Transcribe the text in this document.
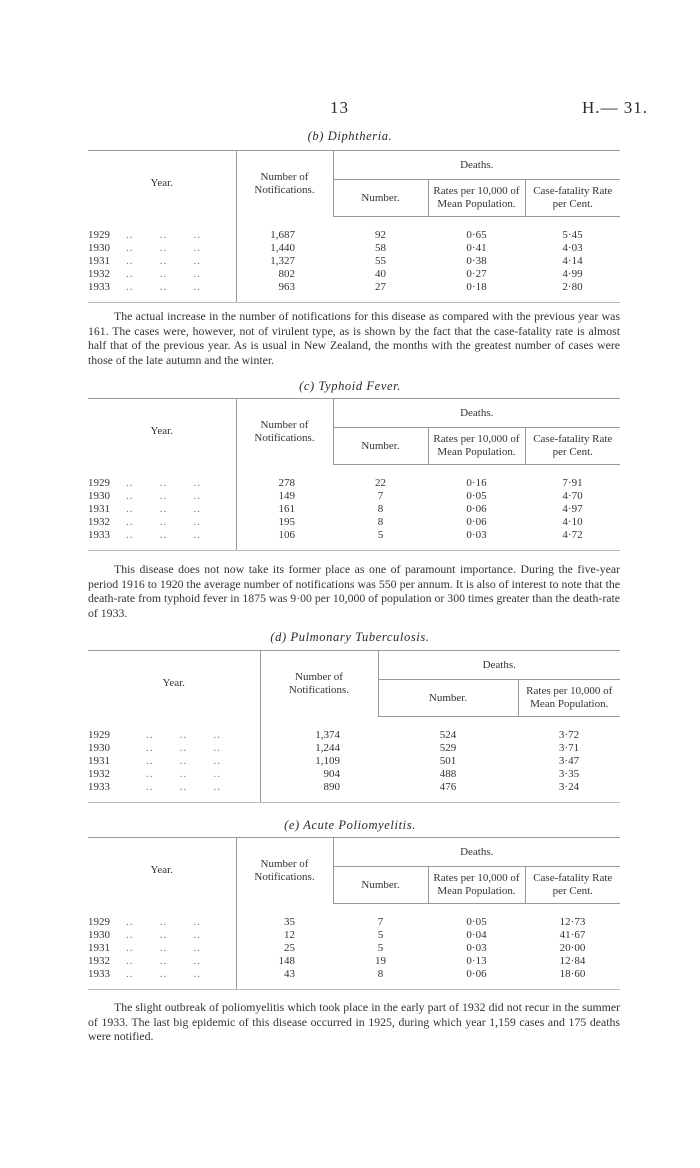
13	H.— 31.
(b) Diphtheria.
Year.	Number of Notifications.	Deaths.		
		Number.	Rates per 10,000 of Mean Population.	Case-fatality Rate per Cent.
1929 ..       ..       ..	1,687	92	0·65	5·45
1930 ..       ..       ..	1,440	58	0·41	4·03
1931 ..       ..       ..	1,327	55	0·38	4·14
1932 ..       ..       ..	802	40	0·27	4·99
1933 ..       ..       ..	963	27	0·18	2·80

The actual increase in the number of notifications for this disease as compared with the previous year was 161. The cases were, however, not of virulent type, as is shown by the fact that the case-fatality rate is almost half that of the previous year. As is usual in New Zealand, the months with the greatest number of cases were those of the late autumn and the winter.

(c) Typhoid Fever.
Year.	Number of Notifications.	Deaths.		
		Number.	Rates per 10,000 of Mean Population.	Case-fatality Rate per Cent.
1929 ..       ..       ..	278	22	0·16	7·91
1930 ..       ..       ..	149	7	0·05	4·70
1931 ..       ..       ..	161	8	0·06	4·97
1932 ..       ..       ..	195	8	0·06	4·10
1933 ..       ..       ..	106	5	0·03	4·72

This disease does not now take its former place as one of paramount importance. During the five-year period 1916 to 1920 the average number of notifications was 550 per annum. It is also of interest to note that the death-rate from typhoid fever in 1875 was 9·00 per 10,000 of population or 300 times greater than the death-rate of 1933.

(d) Pulmonary Tuberculosis.
Year.	Number of Notifications.	Deaths.	
		Number.	Rates per 10,000 of Mean Population.
1929 ..       ..       ..	1,374	524	3·72
1930 ..       ..       ..	1,244	529	3·71
1931 ..       ..       ..	1,109	501	3·47
1932 ..       ..       ..	904	488	3·35
1933 ..       ..       ..	890	476	3·24
(e) Acute Poliomyelitis.
Year.	Number of Notifications.	Deaths.		
		Number.	Rates per 10,000 of Mean Population.	Case-fatality Rate per Cent.
1929 ..       ..       ..	35	7	0·05	12·73
1930 ..       ..       ..	12	5	0·04	41·67
1931 ..       ..       ..	25	5	0·03	20·00
1932 ..       ..       ..	148	19	0·13	12·84
1933 ..       ..       ..	43	8	0·06	18·60

The slight outbreak of poliomyelitis which took place in the early part of 1932 did not recur in the summer of 1933. The last big epidemic of this disease occurred in 1925, during which year 1,159 cases and 175 deaths were notified.
